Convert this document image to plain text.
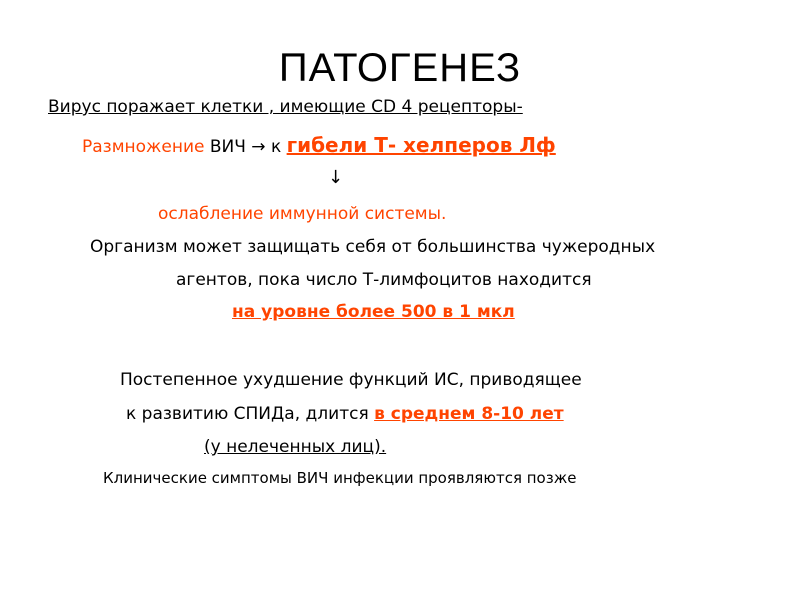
ПАТОГЕНЕЗ
Вирус поражает клетки , имеющие CD 4 рецепторы-
Размножение ВИЧ → к гибели Т- хелперов Лф
↓
ослабление иммунной системы.
Организм может защищать себя от большинства чужеродных
агентов, пока число Т-лимфоцитов находится
на уровне более 500 в 1 мкл
Постепенное ухудшение функций ИС, приводящее
к развитию СПИДа, длится в среднем 8-10 лет
(у нелеченных лиц).
Клинические симптомы ВИЧ инфекции проявляются позже
